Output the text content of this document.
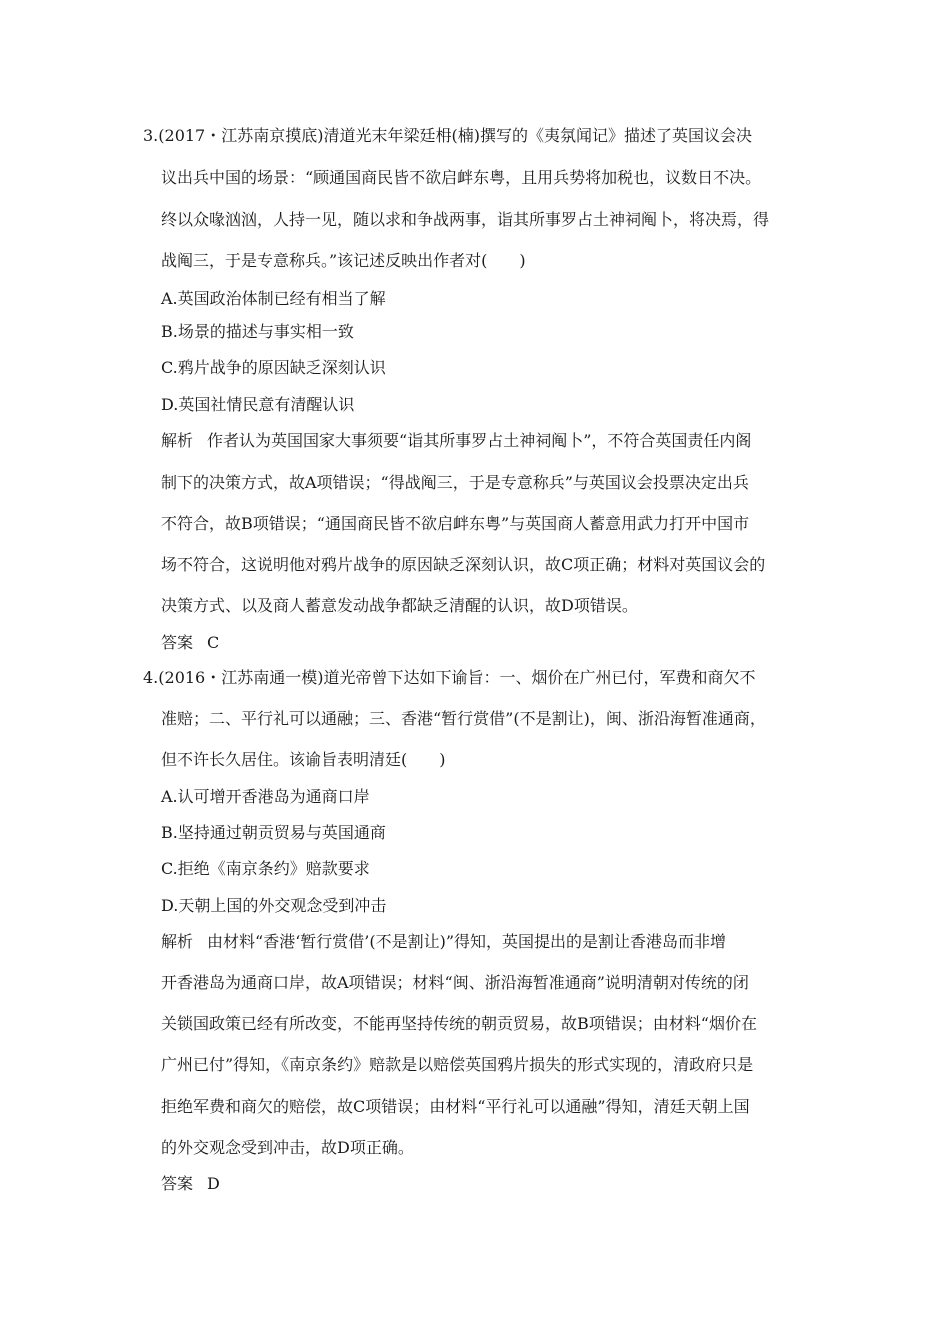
3.(2017・江苏南京摸底)清道光末年梁廷枏(楠)撰写的《夷氛闻记》描述了英国议会决
议出兵中国的场景：“顾通国商民皆不欲启衅东粤，且用兵势将加税也，议数日不决。
终以众喙汹汹，人持一见，随以求和争战两事，诣其所事罗占土神祠阄卜，将决焉，得
战阄三，于是专意称兵。”该记述反映出作者对(　　)
A.英国政治体制已经有相当了解
B.场景的描述与事实相一致
C.鸦片战争的原因缺乏深刻认识
D.英国社情民意有清醒认识
解析 作者认为英国国家大事须要“诣其所事罗占土神祠阄卜”，不符合英国责任内阁
制下的决策方式，故A项错误；“得战阄三，于是专意称兵”与英国议会投票决定出兵
不符合，故B项错误；“通国商民皆不欲启衅东粤”与英国商人蓄意用武力打开中国市
场不符合，这说明他对鸦片战争的原因缺乏深刻认识，故C项正确；材料对英国议会的
决策方式、以及商人蓄意发动战争都缺乏清醒的认识，故D项错误。
答案 C
4.(2016・江苏南通一模)道光帝曾下达如下谕旨：一、烟价在广州已付，军费和商欠不
准赔；二、平行礼可以通融；三、香港“暂行赏借”(不是割让)，闽、浙沿海暂准通商，
但不许长久居住。该谕旨表明清廷(　　)
A.认可增开香港岛为通商口岸
B.坚持通过朝贡贸易与英国通商
C.拒绝《南京条约》赔款要求
D.天朝上国的外交观念受到冲击
解析 由材料“香港‘暂行赏借’(不是割让)”得知，英国提出的是割让香港岛而非增
开香港岛为通商口岸，故A项错误；材料“闽、浙沿海暂准通商”说明清朝对传统的闭
关锁国政策已经有所改变，不能再坚持传统的朝贡贸易，故B项错误；由材料“烟价在
广州已付”得知，《南京条约》赔款是以赔偿英国鸦片损失的形式实现的，清政府只是
拒绝军费和商欠的赔偿，故C项错误；由材料“平行礼可以通融”得知，清廷天朝上国
的外交观念受到冲击，故D项正确。
答案 D
